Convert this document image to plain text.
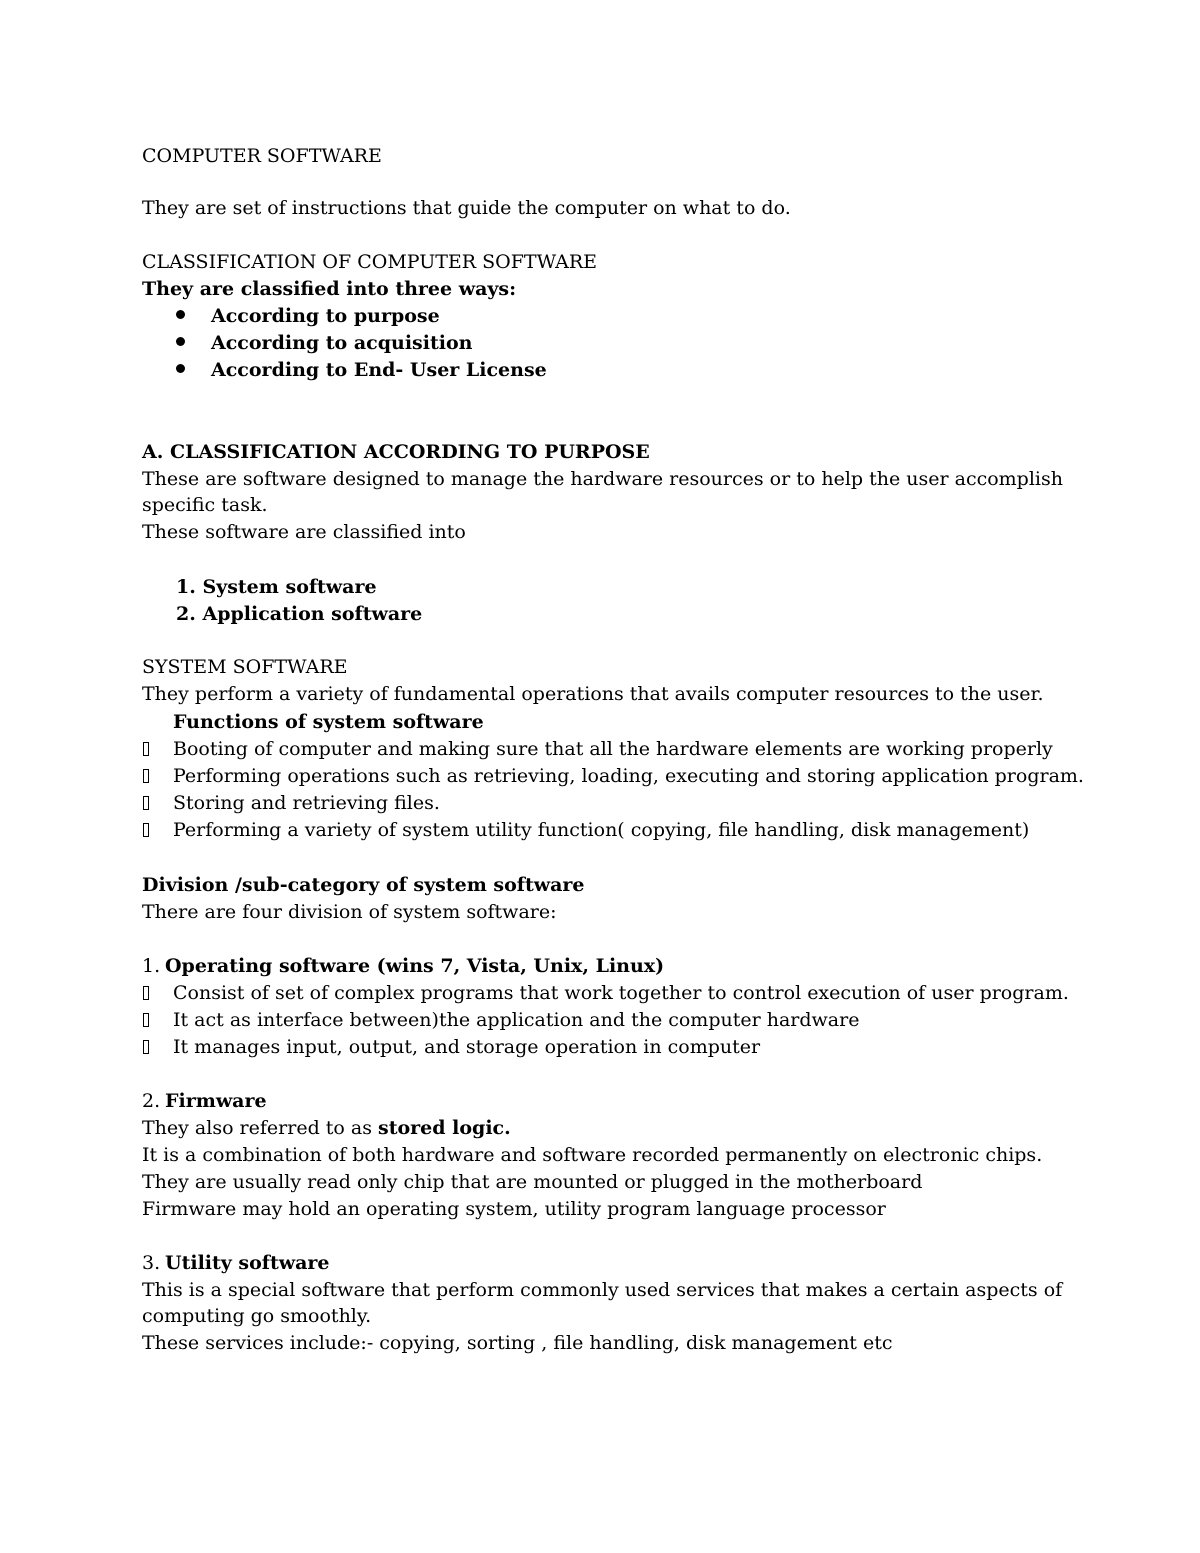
COMPUTER SOFTWARE
They are set of instructions that guide the computer on what to do.
CLASSIFICATION OF COMPUTER SOFTWARE
They are classified into three ways:
According to purpose
According to acquisition
According to End- User License
A. CLASSIFICATION ACCORDING TO PURPOSE
These are software designed to manage the hardware resources or to help the user accomplish
specific task.
These software are classified into
1. System software
2. Application software
SYSTEM SOFTWARE
They perform a variety of fundamental operations that avails computer resources to the user.
Functions of system software
Booting of computer and making sure that all the hardware elements are working properly
Performing operations such as retrieving, loading, executing and storing application program.
Storing and retrieving files.
Performing a variety of system utility function( copying, file handling, disk management)
Division /sub-category of system software
There are four division of system software:
1. Operating software (wins 7, Vista, Unix, Linux)
Consist of set of complex programs that work together to control execution of user program.
It act as interface between)the application and the computer hardware
It manages input, output, and storage operation in computer
2. Firmware
They also referred to as stored logic.
It is a combination of both hardware and software recorded permanently on electronic chips.
They are usually read only chip that are mounted or plugged in the motherboard
Firmware may hold an operating system, utility program language processor
3. Utility software
This is a special software that perform commonly used services that makes a certain aspects of
computing go smoothly.
These services include:- copying, sorting , file handling, disk management etc
